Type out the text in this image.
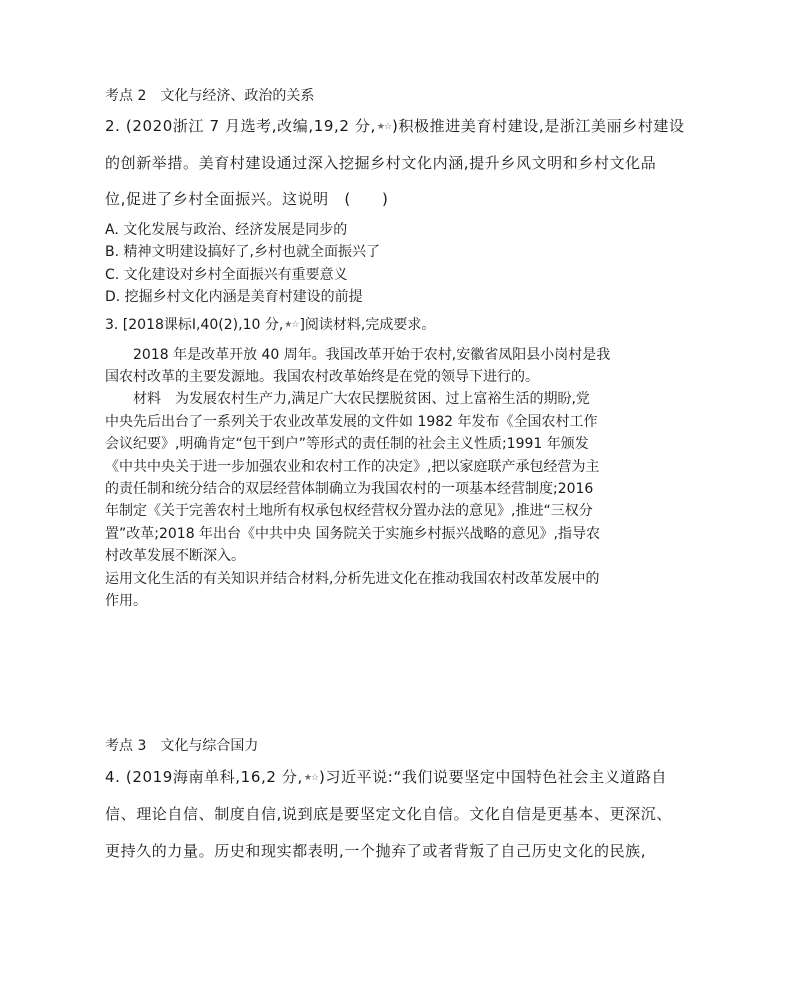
考点 2　文化与经济、政治的关系
2. (2020浙江 7 月选考,改编,19,2 分,★☆)积极推进美育村建设,是浙江美丽乡村建设
的创新举措。美育村建设通过深入挖掘乡村文化内涵,提升乡风文明和乡村文化品
位,促进了乡村全面振兴。这说明　(　　)
A. 文化发展与政治、经济发展是同步的
B. 精神文明建设搞好了,乡村也就全面振兴了
C. 文化建设对乡村全面振兴有重要意义
D. 挖掘乡村文化内涵是美育村建设的前提
3. [2018课标Ⅰ,40(2),10 分,★☆]阅读材料,完成要求。
2018 年是改革开放 40 周年。我国改革开始于农村,安徽省凤阳县小岗村是我
国农村改革的主要发源地。我国农村改革始终是在党的领导下进行的。
材料　为发展农村生产力,满足广大农民摆脱贫困、过上富裕生活的期盼,党
中央先后出台了一系列关于农业改革发展的文件如 1982 年发布《全国农村工作
会议纪要》,明确肯定“包干到户”等形式的责任制的社会主义性质;1991 年颁发
《中共中央关于进一步加强农业和农村工作的决定》,把以家庭联产承包经营为主
的责任制和统分结合的双层经营体制确立为我国农村的一项基本经营制度;2016
年制定《关于完善农村土地所有权承包权经营权分置办法的意见》,推进“三权分
置”改革;2018 年出台《中共中央 国务院关于实施乡村振兴战略的意见》,指导农
村改革发展不断深入。
运用文化生活的有关知识并结合材料,分析先进文化在推动我国农村改革发展中的
作用。
考点 3　文化与综合国力
4. (2019海南单科,16,2 分,★☆)习近平说:“我们说要坚定中国特色社会主义道路自
信、理论自信、制度自信,说到底是要坚定文化自信。文化自信是更基本、更深沉、
更持久的力量。历史和现实都表明,一个抛弃了或者背叛了自己历史文化的民族,
